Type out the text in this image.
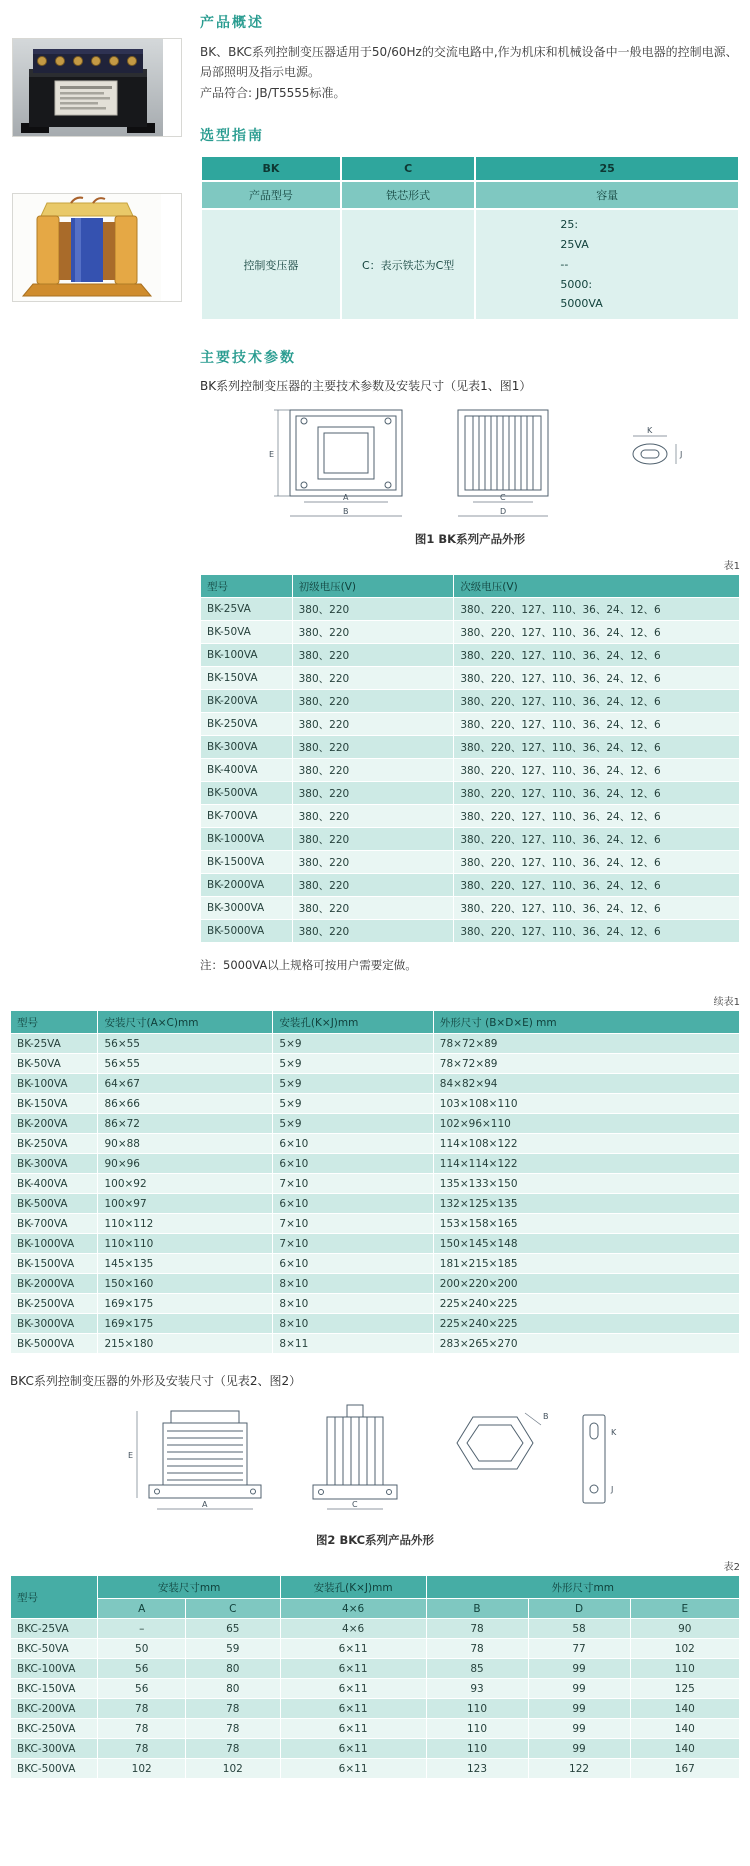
产品概述

BK、BKC系列控制变压器适用于50/60Hz的交流电路中,作为机床和机械设备中一般电器的控制电源、局部照明及指示电源。

产品符合: JB/T5555标准。

选型指南
BK	C	25
产品型号	铁芯形式	容量
控制变压器	C：表示铁芯为C型	25:
25VA
--
5000:
5000VA
主要技术参数

BK系列控制变压器的主要技术参数及安装尺寸（见表1、图1）

E
A
B
C
D
K
J
图1 BK系列产品外形
表1
型号	初级电压(V)	次级电压(V)
BK-25VA	380、220	380、220、127、110、36、24、12、6
BK-50VA	380、220	380、220、127、110、36、24、12、6
BK-100VA	380、220	380、220、127、110、36、24、12、6
BK-150VA	380、220	380、220、127、110、36、24、12、6
BK-200VA	380、220	380、220、127、110、36、24、12、6
BK-250VA	380、220	380、220、127、110、36、24、12、6
BK-300VA	380、220	380、220、127、110、36、24、12、6
BK-400VA	380、220	380、220、127、110、36、24、12、6
BK-500VA	380、220	380、220、127、110、36、24、12、6
BK-700VA	380、220	380、220、127、110、36、24、12、6
BK-1000VA	380、220	380、220、127、110、36、24、12、6
BK-1500VA	380、220	380、220、127、110、36、24、12、6
BK-2000VA	380、220	380、220、127、110、36、24、12、6
BK-3000VA	380、220	380、220、127、110、36、24、12、6
BK-5000VA	380、220	380、220、127、110、36、24、12、6

注：5000VA以上规格可按用户需要定做。

续表1
型号	安装尺寸(A×C)mm	安装孔(K×J)mm	外形尺寸 (B×D×E) mm
BK-25VA	56×55	5×9	78×72×89
BK-50VA	56×55	5×9	78×72×89
BK-100VA	64×67	5×9	84×82×94
BK-150VA	86×66	5×9	103×108×110
BK-200VA	86×72	5×9	102×96×110
BK-250VA	90×88	6×10	114×108×122
BK-300VA	90×96	6×10	114×114×122
BK-400VA	100×92	7×10	135×133×150
BK-500VA	100×97	6×10	132×125×135
BK-700VA	110×112	7×10	153×158×165
BK-1000VA	110×110	7×10	150×145×148
BK-1500VA	145×135	6×10	181×215×185
BK-2000VA	150×160	8×10	200×220×200
BK-2500VA	169×175	8×10	225×240×225
BK-3000VA	169×175	8×10	225×240×225
BK-5000VA	215×180	8×11	283×265×270

BKC系列控制变压器的外形及安装尺寸（见表2、图2）

E
A	C
B
K
J
图2 BKC系列产品外形
表2
型号	安装尺寸mm		安装孔(K×J)mm	外形尺寸mm		
	A	C	4×6	B	D	E
BKC-25VA	–	65	4×6	78	58	90
BKC-50VA	50	59	6×11	78	77	102
BKC-100VA	56	80	6×11	85	99	110
BKC-150VA	56	80	6×11	93	99	125
BKC-200VA	78	78	6×11	110	99	140
BKC-250VA	78	78	6×11	110	99	140
BKC-300VA	78	78	6×11	110	99	140
BKC-500VA	102	102	6×11	123	122	167
